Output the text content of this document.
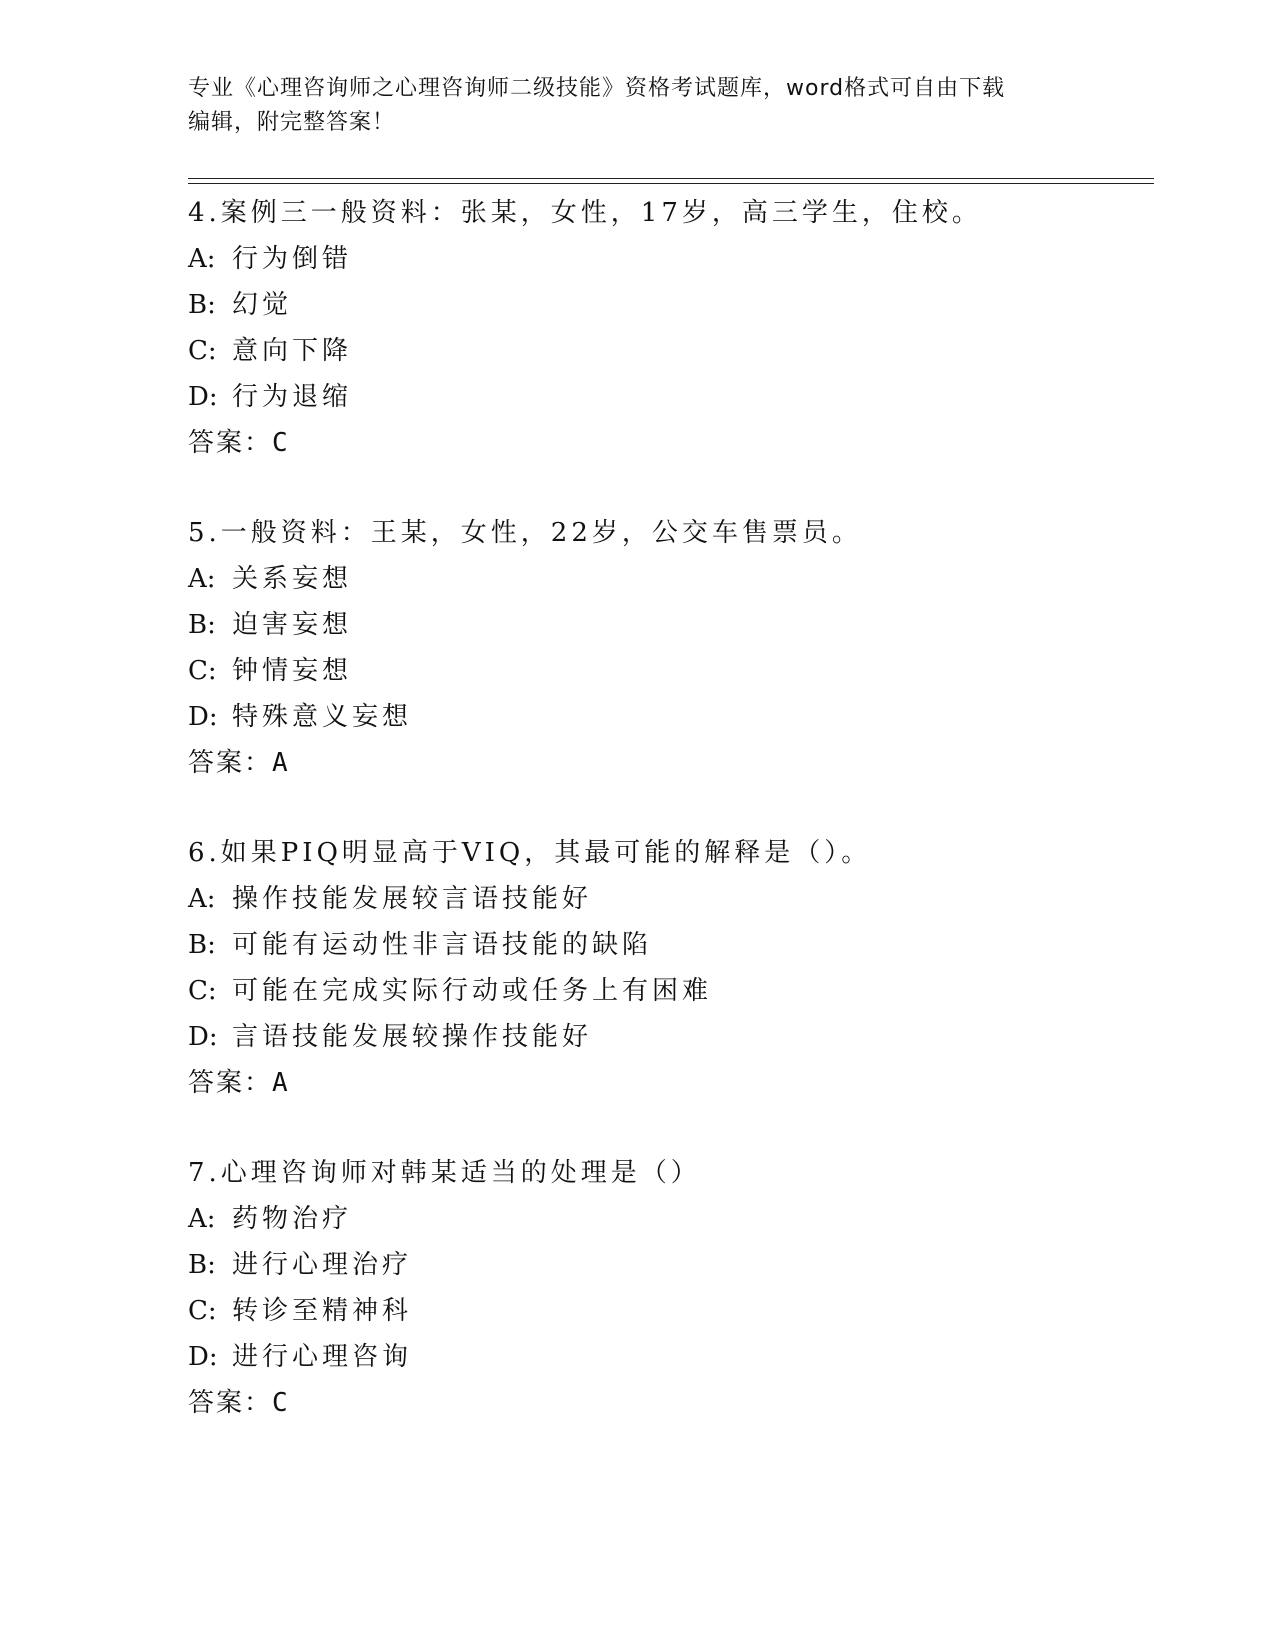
专业《心理咨询师之心理咨询师二级技能》资格考试题库，word格式可自由下载
编辑，附完整答案！
4.案例三一般资料：张某，女性，17岁，高三学生，住校。
A: 行为倒错
B: 幻觉
C: 意向下降
D: 行为退缩
答案：C
5.一般资料：王某，女性，22岁，公交车售票员。
A: 关系妄想
B: 迫害妄想
C: 钟情妄想
D: 特殊意义妄想
答案：A
6.如果PIQ明显高于VIQ，其最可能的解释是（）。
A: 操作技能发展较言语技能好
B: 可能有运动性非言语技能的缺陷
C: 可能在完成实际行动或任务上有困难
D: 言语技能发展较操作技能好
答案：A
7.心理咨询师对韩某适当的处理是（）
A: 药物治疗
B: 进行心理治疗
C: 转诊至精神科
D: 进行心理咨询
答案：C
